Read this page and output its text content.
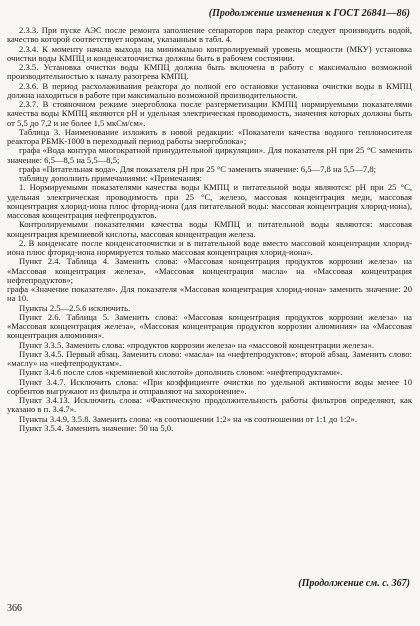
(Продолжение изменения к ГОСТ 26841—86)

2.3.3. При пуске АЭС после ремонта заполнение сепараторов пара реактор следует производить водой, качество которой соответствует нормам, указанным в табл. 4.

2.3.4. К моменту начала выхода на минимально контролируемый уровень мощности (МКУ) установка очистки воды КМПЦ и конденсатоочистка должны быть в рабочем состоянии.

2.3.5. Установка очистки воды КМПЦ должна быть включена в работу с максимально возможной производительностью к началу разогрева КМПЦ.

2.3.6. В период расхолаживания реактора до полной его остановки установка очистки воды в КМПЦ должна находиться в работе при максимально возможной производительности.

2.3.7. В стояночном режиме энергоблока после разгерметизации КМПЦ нормируемыми показателями качества воды КМПЦ являются pH и удельная электрическая проводимость, значения которых должны быть от 5,5 до 7,2 и не более 1,5 мкСм/см».

Таблица 3. Наименование изложить в новой редакции: «Показатели качества водного теплоносителя реактора РБМК-1000 в переходный период работы энергоблока»;

графа «Вода контура многократной принудительной циркуляции». Для показателя pH при 25 °С заменить значение: 6,5—8,5 на 5,5—8,5;

графа «Питательная вода». Для показателя pH при 25 °С заменить значение: 6,5—7,8 на 5,5—7,8;

таблицу дополнить примечаниями: «Примечания:

1. Нормируемыми показателями качества воды КМПЦ и питательной воды являются: pH при 25 °С, удельная электрическая проводимость при 25 °С, железо, массовая концентрация меди, массовая концентрация хлорид-иона плюс фторид-иона (для питательной воды: массовая концентрация хлорид-иона), массовая концентрация нефтепродуктов.

Контролируемыми показателями качества воды КМПЦ и питательной воды являются: массовая концентрация кремниевой кислоты, массовая концентрация железа.

2. В конденсате после конденсатоочистки и в питательной воде вместо массовой концентрации хлорид-иона плюс фторид-иона нормируется только массовая концентрация хлорид-иона».

Пункт 2.4. Таблица 4. Заменить слова: «Массовая концентрация продуктов коррозии железа» на «Массовая концентрация железа», «Массовая концентрация масла» на «Массовая концентрация нефтепродуктов»;

графа «Значение показателя». Для показателя «Массовая концентрация хлорид-иона» заменить значение: 20 на 10.

Пункты 2.5—2.5.6 исключить.

Пункт 2.6. Таблица 5. Заменить слова: «Массовая концентрация продуктов коррозии железа» на «Массовая концентрация железа», «Массовая концентрация продуктов коррозии алюминия» на «Массовая концентрация алюминия».

Пункт 3.3.5. Заменить слова: «продуктов коррозии железа» на «массовой концентрации железа».

Пункт 3.4.5. Первый абзац. Заменить слово: «масла» на «нефтепродуктов»; второй абзац. Заменить слово: «маслу» на «нефтепродуктам».

Пункт 3.4.6 после слов «кремниевой кислотой» дополнить словом: «нефтепродуктами».

Пункт 3.4.7. Исключить слова: «При коэффициенте очистки по удельной активности воды менее 10 сорбентов выгружают из фильтра и отправляют на захоронение».

Пункт 3.4.13. Исключить слова: «Фактическую продолжительность работы фильтров определяют, как указано в п. 3.4.7».

Пункты 3.4.9, 3.5.8. Заменить слова: «в соотношении 1:2» на «в соотношении от 1:1 до 1:2».

Пункт 3.5.4. Заменить значение: 50 на 5,0.

(Продолжение см. с. 367)
366
